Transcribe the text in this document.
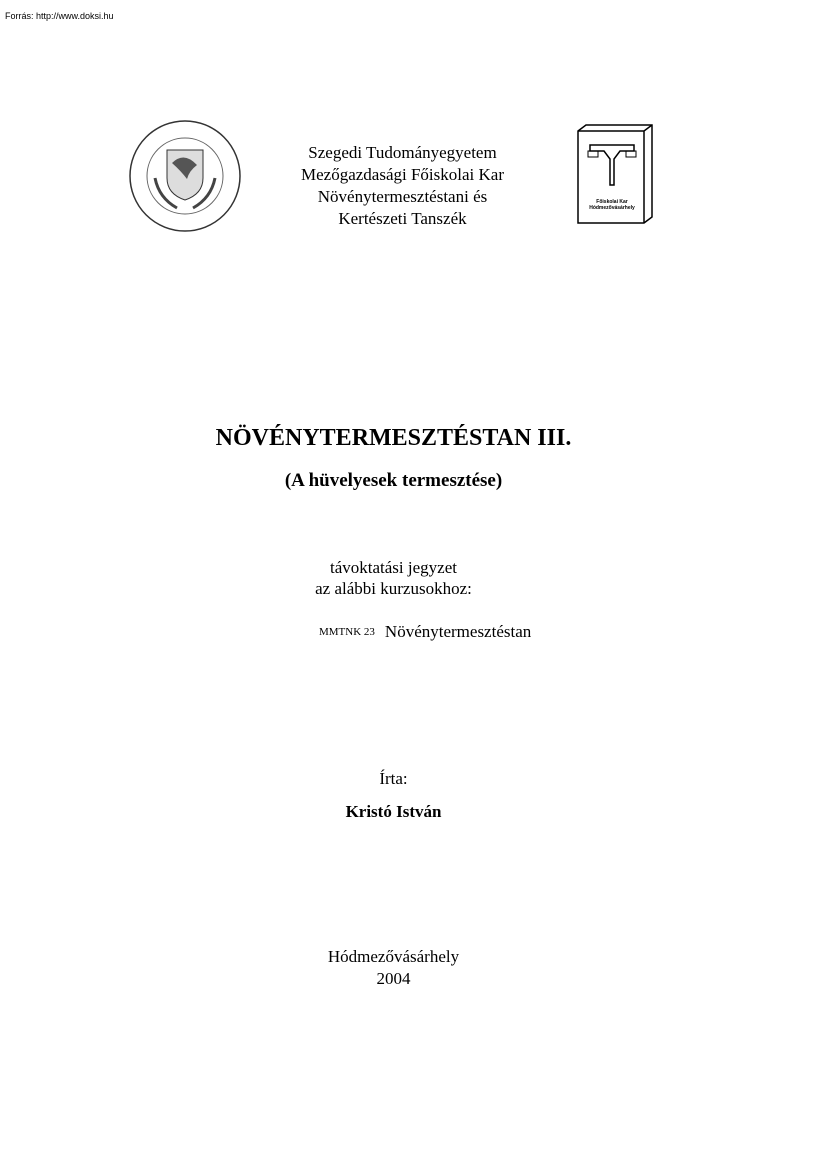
Forrás: http://www.doksi.hu
Szegedi Tudományegyetem
Mezőgazdasági Főiskolai Kar
Növénytermesztéstani és
Kertészeti Tanszék
Főiskolai Kar
Hódmezővásárhely
NÖVÉNYTERMESZTÉSTAN III.
(A hüvelyesek termesztése)
távoktatási jegyzet
az alábbi kurzusokhoz:
MMTNK 23 Növénytermesztéstan
Írta:
Kristó István
Hódmezővásárhely
2004
